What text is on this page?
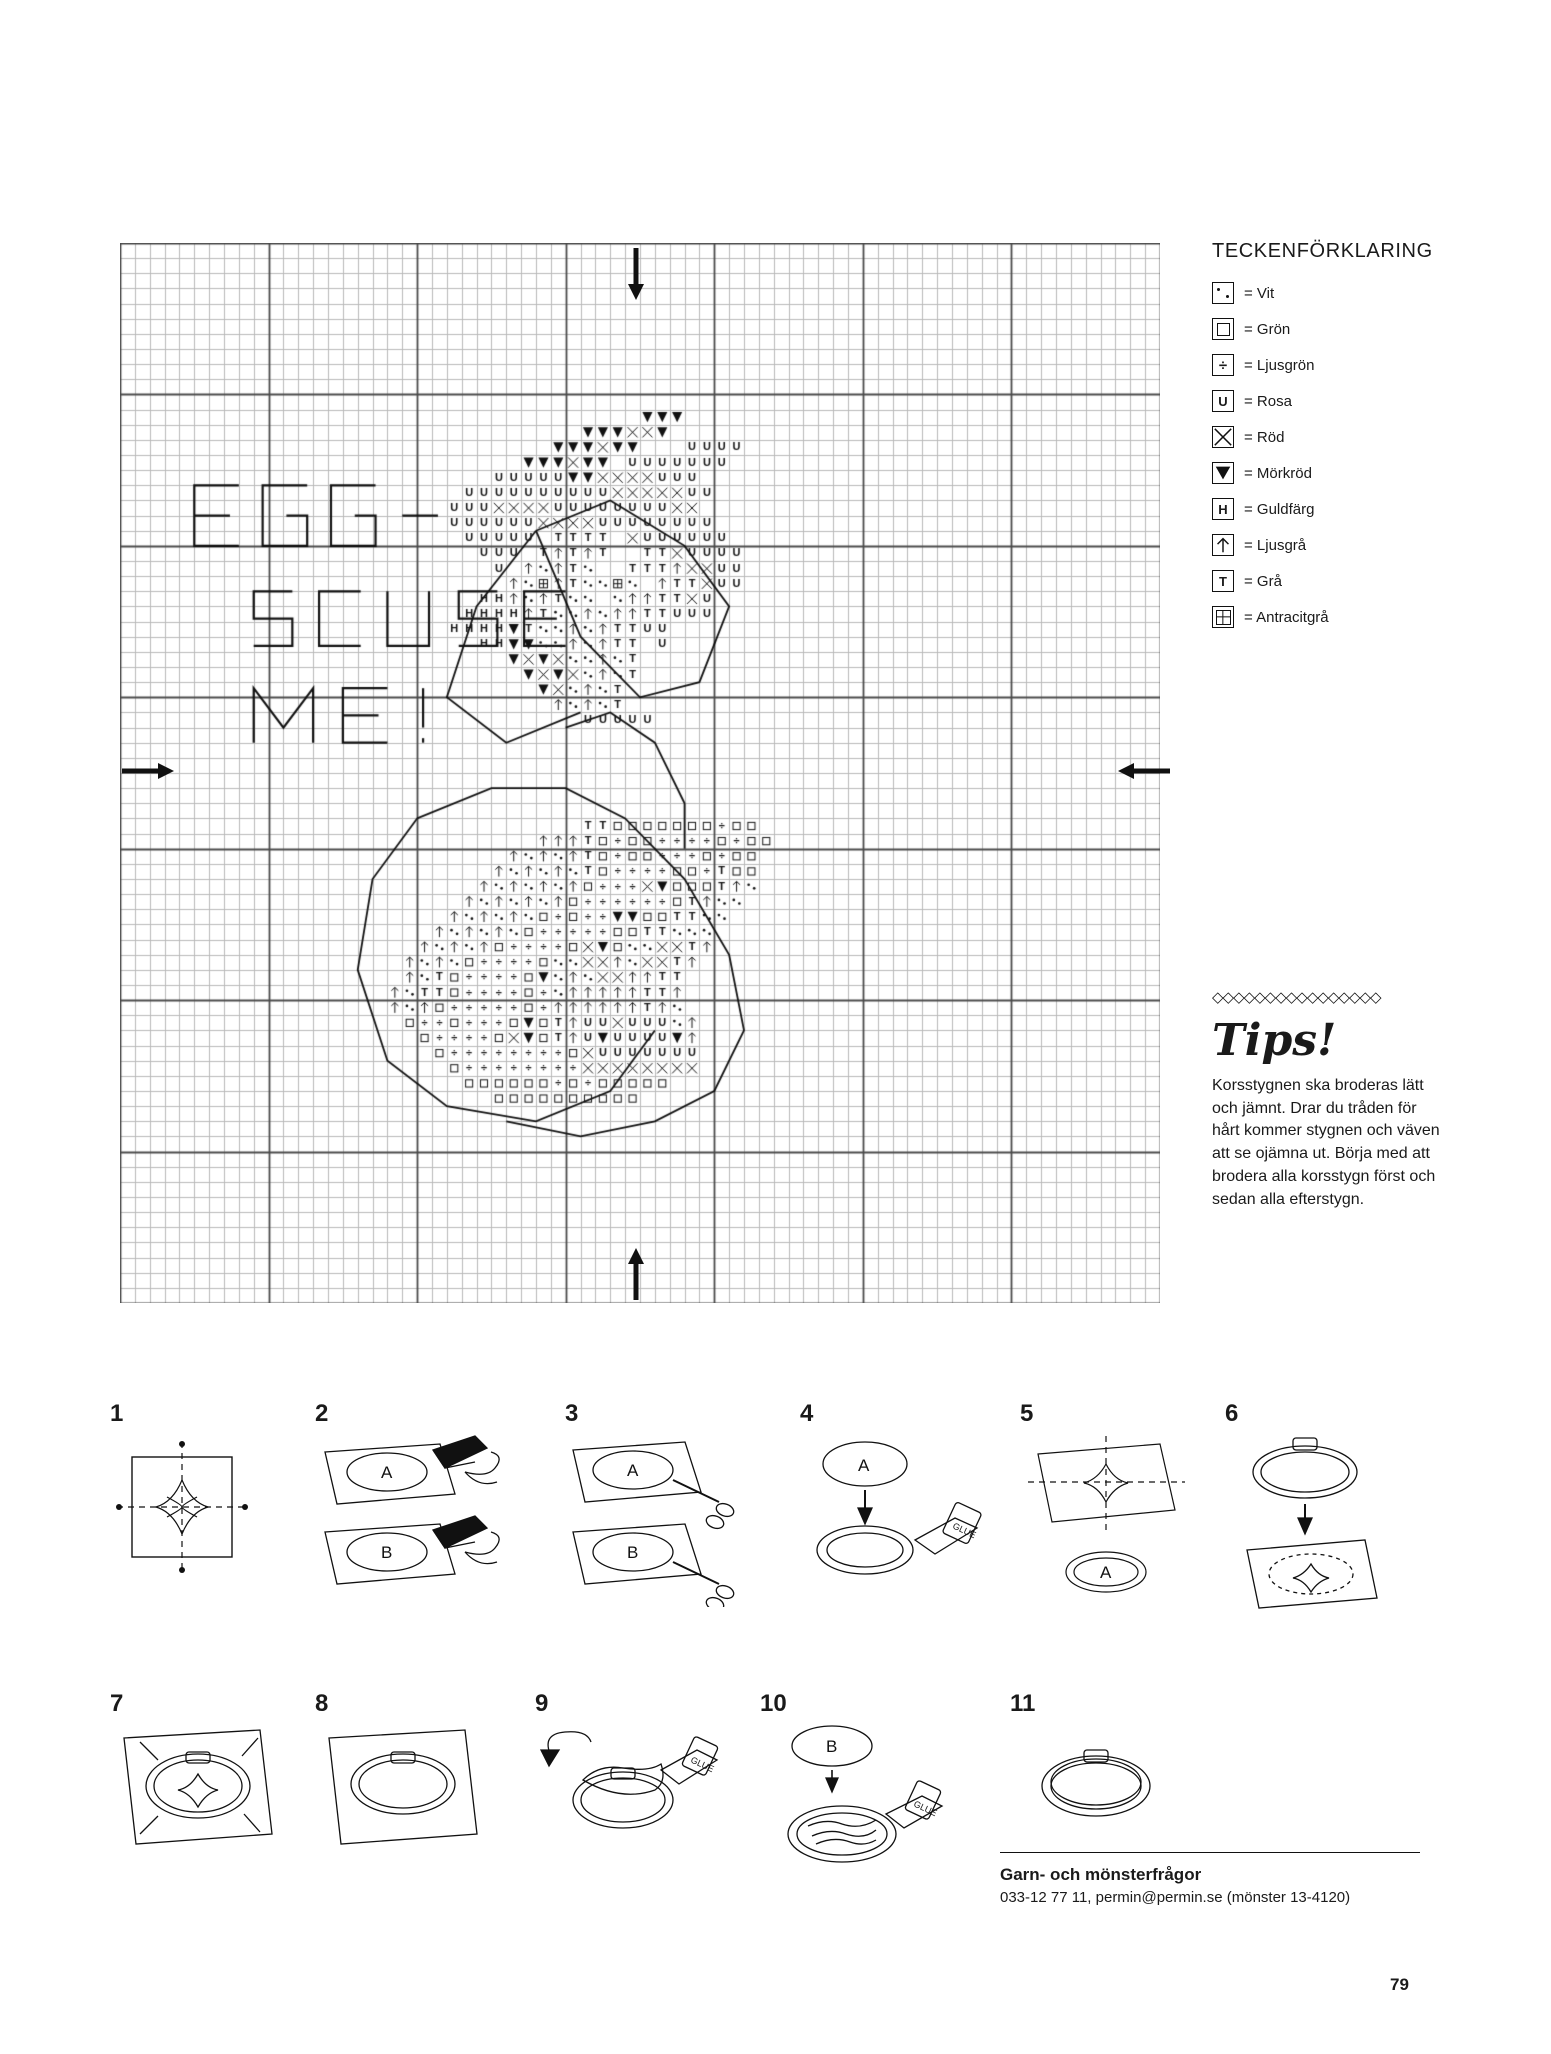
TECKENFÖRKLARING
= Vit
= Grön
÷	= Ljusgrön
U	= Rosa
= Röd
= Mörkröd
H	= Guldfärg
= Ljusgrå
T	= Grå
= Antracitgrå
◇◇◇◇◇◇◇◇◇◇◇◇◇◇◇◇
Tips!
Korsstygnen ska broderas lätt och jämnt. Drar du tråden för hårt kommer stygnen och väven att se ojämna ut. Börja med att brodera alla korsstygn först och sedan alla efterstygn.
1	2
A
B
3
A
B
4
A
GLUE
5
A
6
7	8	9
GLUE
10
B
GLUE
11
Garn- och mönsterfrågor
033-12 77 11, permin@permin.se (mönster 13-4120)
79
